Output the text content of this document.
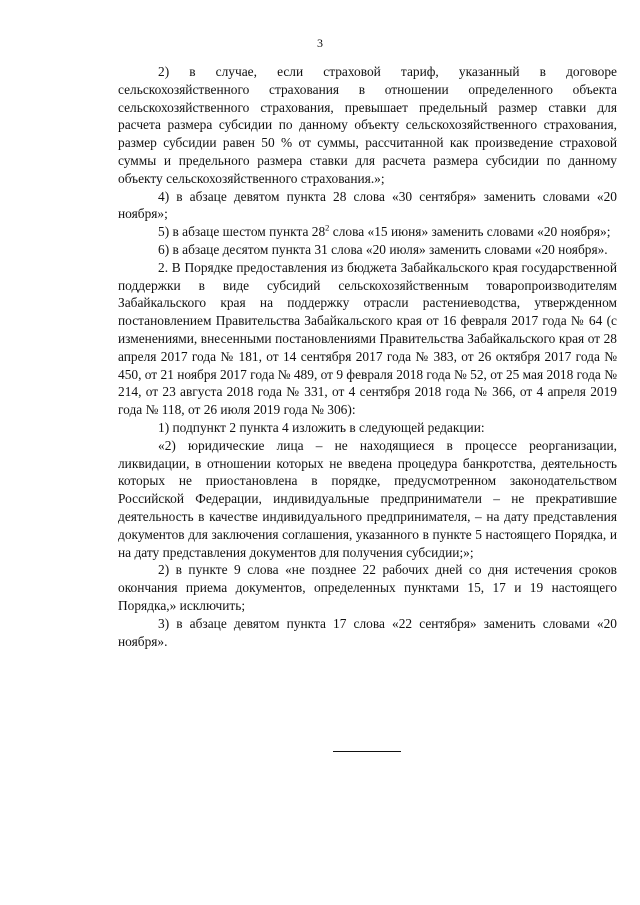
3

2) в случае, если страховой тариф, указанный в договоре сельскохозяйственного страхования в отношении определенного объекта сельскохозяйственного страхования, превышает предельный размер ставки для расчета размера субсидии по данному объекту сельскохозяйственного страхования, размер субсидии равен 50 % от суммы, рассчитанной как произведение страховой суммы и предельного размера ставки для расчета размера субсидии по данному объекту сельскохозяйственного страхования.»;

4) в абзаце девятом пункта 28 слова «30 сентября» заменить словами «20 ноября»;

5) в абзаце шестом пункта $28^2$ слова «15 июня» заменить словами «20 ноября»;

6) в абзаце десятом пункта 31 слова «20 июля» заменить словами «20 ноября».

2. В Порядке предоставления из бюджета Забайкальского края государственной поддержки в виде субсидий сельскохозяйственным товаропроизводителям Забайкальского края на поддержку отрасли растениеводства, утвержденном постановлением Правительства Забайкальского края от 16 февраля 2017 года № 64 (с изменениями, внесенными постановлениями Правительства Забайкальского края от 28 апреля 2017 года № 181, от 14 сентября 2017 года № 383, от 26 октября 2017 года № 450, от 21 ноября 2017 года № 489, от 9 февраля 2018 года № 52, от 25 мая 2018 года № 214, от 23 августа 2018 года № 331, от 4 сентября 2018 года № 366, от 4 апреля 2019 года № 118, от 26 июля 2019 года № 306):

1) подпункт 2 пункта 4 изложить в следующей редакции:

«2) юридические лица – не находящиеся в процессе реорганизации, ликвидации, в отношении которых не введена процедура банкротства, деятельность которых не приостановлена в порядке, предусмотренном законодательством Российской Федерации, индивидуальные предприниматели – не прекратившие деятельность в качестве индивидуального предпринимателя, – на дату представления документов для заключения соглашения, указанного в пункте 5 настоящего Порядка, и на дату представления документов для получения субсидии;»;

2) в пункте 9 слова «не позднее 22 рабочих дней со дня истечения сроков окончания приема документов, определенных пунктами 15, 17 и 19 настоящего Порядка,» исключить;

3) в абзаце девятом пункта 17 слова «22 сентября» заменить словами «20 ноября».
